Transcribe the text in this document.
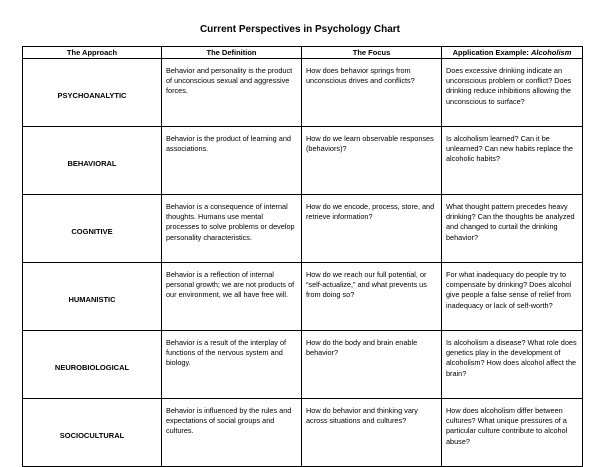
Current Perspectives in Psychology Chart
The Approach	The Definition	The Focus	Application Example: Alcoholism
PSYCHOANALYTIC	Behavior and personality is the product of unconscious sexual and aggressive forces.	How does behavior springs from unconscious drives and conflicts?	Does excessive drinking indicate an unconscious problem or conflict? Does drinking reduce inhibitions allowing the unconscious to surface?
BEHAVIORAL	Behavior is the product of learning and associations.	How do we learn observable responses (behaviors)?	Is alcoholism learned? Can it be unlearned? Can new habits replace the alcoholic habits?
COGNITIVE	Behavior is a consequence of internal thoughts. Humans use mental processes to solve problems or develop personality characteristics.	How do we encode, process, store, and retrieve information?	What thought pattern precedes heavy drinking? Can the thoughts be analyzed and changed to curtail the drinking behavior?
HUMANISTIC	Behavior is a reflection of internal personal growth; we are not products of our environment, we all have free will.	How do we reach our full potential, or “self-actualize,” and what prevents us from doing so?	For what inadequacy do people try to compensate by drinking? Does alcohol give people a false sense of relief from inadequacy or lack of self-worth?
NEUROBIOLOGICAL	Behavior is a result of the interplay of functions of the nervous system and biology.	How do the body and brain enable behavior?	Is alcoholism a disease? What role does genetics play in the development of alcoholism? How does alcohol affect the brain?
SOCIOCULTURAL	Behavior is influenced by the rules and expectations of social groups and cultures.	How do behavior and thinking vary across situations and cultures?	How does alcoholism differ between cultures? What unique pressures of a particular culture contribute to alcohol abuse?
